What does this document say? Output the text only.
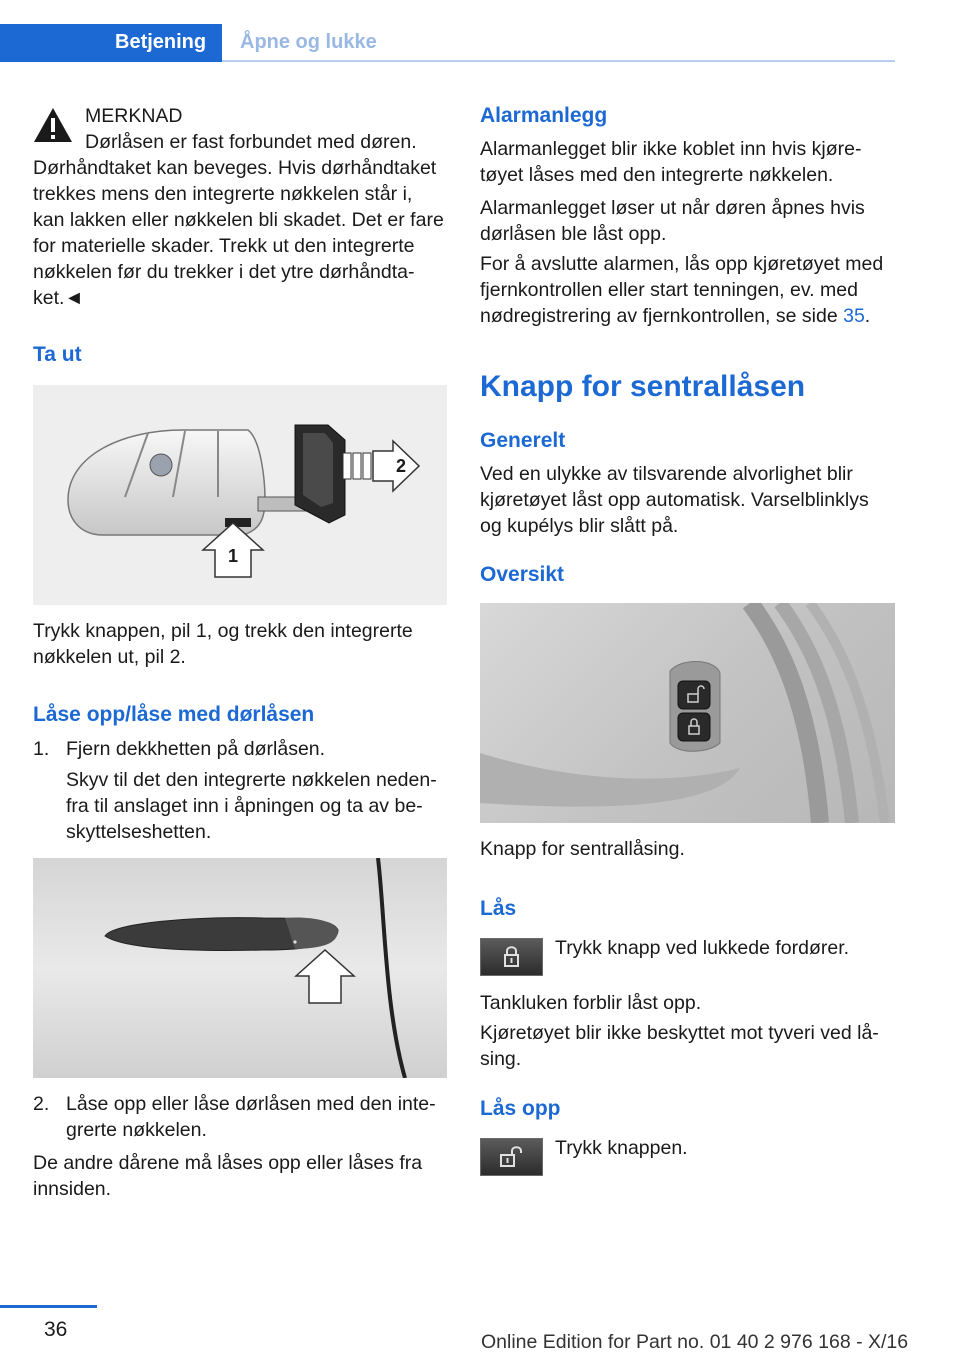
Betjening	Åpne og lukke
MERKNAD

Dørlåsen er fast forbundet med døren. Dørhåndtaket kan beveges. Hvis dørhåndtaket trekkes mens den integrerte nøkkelen står i, kan lakken eller nøkkelen bli skadet. Det er fare for materielle skader. Trekk ut den integrerte nøkkelen før du trekker i det ytre dørhåndta‐ket.◄

Ta ut
1
2

Trykk knappen, pil 1, og trekk den integrerte nøkkelen ut, pil 2.

Låse opp/låse med dørlåsen
1. Fjern dekkhetten på dørlåsen.

Skyv til det den integrerte nøkkelen neden‐fra til anslaget inn i åpningen og ta av be‐skyttelseshetten.

2. Låse opp eller låse dørlåsen med den inte‐grerte nøkkelen.

De andre dårene må låses opp eller låses fra innsiden.

Alarmanlegg

Alarmanlegget blir ikke koblet inn hvis kjøre‐tøyet låses med den integrerte nøkkelen.

Alarmanlegget løser ut når døren åpnes hvis dørlåsen ble låst opp.

For å avslutte alarmen, lås opp kjøretøyet med fjernkontrollen eller start tenningen, ev. med nødregistrering av fjernkontrollen, se side 35.

Knapp for sentrallåsen
Generelt

Ved en ulykke av tilsvarende alvorlighet blir kjøretøyet låst opp automatisk. Varselblinklys og kupélys blir slått på.

Oversikt

Knapp for sentrallåsing.

Lås

Trykk knapp ved lukkede fordører.

Tankluken forblir låst opp.

Kjøretøyet blir ikke beskyttet mot tyveri ved lå‐sing.

Lås opp

Trykk knappen.

36
Online Edition for Part no. 01 40 2 976 168 - X/16
